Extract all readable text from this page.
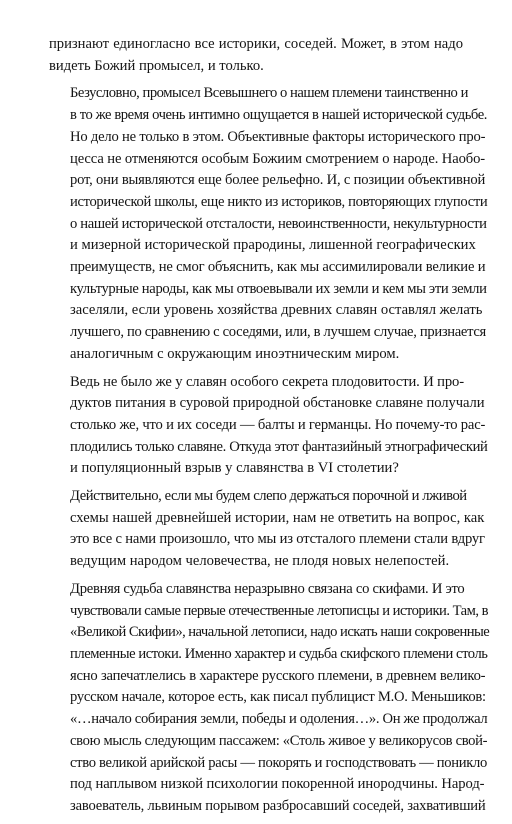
признают единогласно все историки, соседей. Может, в этом надо
видеть Божий промысел, и только.

Безусловно, промысел Всевышнего о нашем племени таинственно и
в то же время очень интимно ощущается в нашей исторической судьбе.
Но дело не только в этом. Объективные факторы исторического про-
цесса не отменяются особым Божиим смотрением о народе. Наобо-
рот, они выявляются еще более рельефно. И, с позиции объективной
исторической школы, еще никто из историков, повторяющих глупости
о нашей исторической отсталости, невоинственности, некультурности
и мизерной исторической прародины, лишенной географических
преимуществ, не смог объяснить, как мы ассимилировали великие и
культурные народы, как мы отвоевывали их земли и кем мы эти земли
заселяли, если уровень хозяйства древних славян оставлял желать
лучшего, по сравнению с соседями, или, в лучшем случае, признается
аналогичным с окружающим иноэтническим миром.

Ведь не было же у славян особого секрета плодовитости. И про-
дуктов питания в суровой природной обстановке славяне получали
столько же, что и их соседи — балты и германцы. Но почему-то рас-
плодились только славяне. Откуда этот фантазийный этнографический
и популяционный взрыв у славянства в VI столетии?

Действительно, если мы будем слепо держаться порочной и лживой
схемы нашей древнейшей истории, нам не ответить на вопрос, как
это все с нами произошло, что мы из отсталого племени стали вдруг
ведущим народом человечества, не плодя новых нелепостей.

Древняя судьба славянства неразрывно связана со скифами. И это
чувствовали самые первые отечественные летописцы и историки. Там, в
«Великой Скифии», начальной летописи, надо искать наши сокровенные
племенные истоки. Именно характер и судьба скифского племени столь
ясно запечатлелись в характере русского племени, в древнем велико-
русском начале, которое есть, как писал публицист М.О. Меньшиков:
«…начало собирания земли, победы и одоления…». Он же продолжал
свою мысль следующим пассажем: «Столь живое у великорусов свой-
ство великой арийской расы — покорять и господствовать — поникло
под наплывом низкой психологии покоренной инородчины. Народ-
завоеватель, львиным порывом разбросавший соседей, захвативший
